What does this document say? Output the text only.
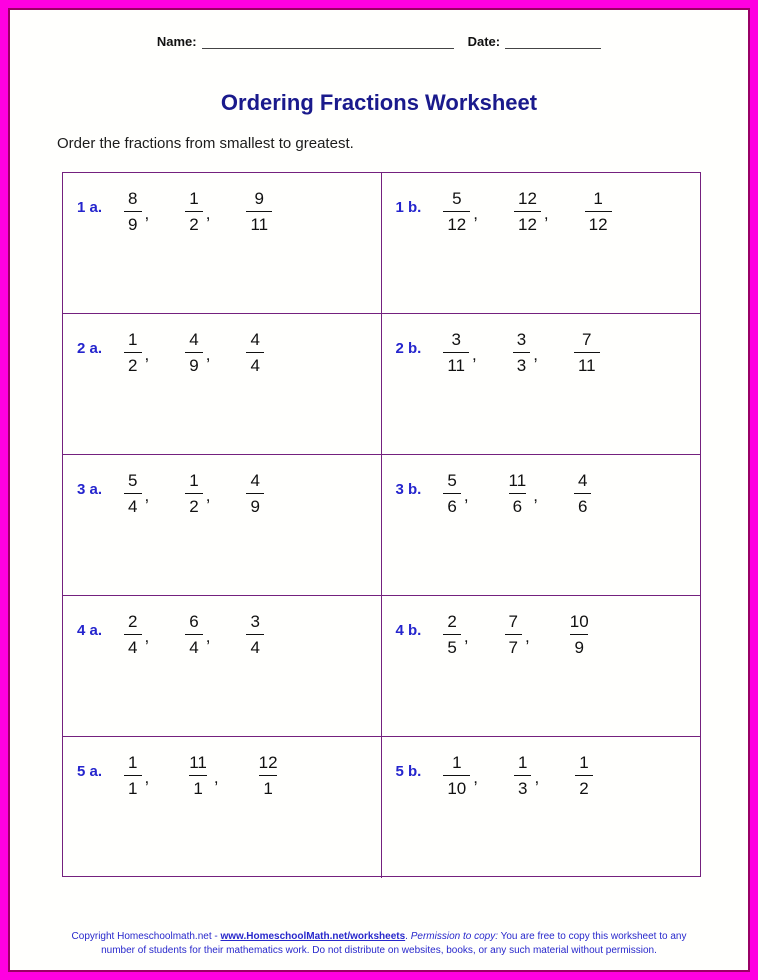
Name:	Date:
Ordering Fractions Worksheet

Order the fractions from smallest to greatest.

1 a. $\frac{8}{9}$ , $\frac{1}{2}$ , $\frac{9}{11}$	1 b. $\frac{5}{12}$ , $\frac{12}{12}$ , $\frac{1}{12}$
2 a. $\frac{1}{2}$ , $\frac{4}{9}$ , $\frac{4}{4}$	2 b. $\frac{3}{11}$ , $\frac{3}{3}$ , $\frac{7}{11}$
3 a. $\frac{5}{4}$ , $\frac{1}{2}$ , $\frac{4}{9}$	3 b. $\frac{5}{6}$ , $\frac{11}{6}$ , $\frac{4}{6}$
4 a. $\frac{2}{4}$ , $\frac{6}{4}$ , $\frac{3}{4}$	4 b. $\frac{2}{5}$ , $\frac{7}{7}$ , $\frac{10}{9}$
5 a. $\frac{1}{1}$ , $\frac{11}{1}$ , $\frac{12}{1}$	5 b. $\frac{1}{10}$ , $\frac{1}{3}$ , $\frac{1}{2}$
Copyright Homeschoolmath.net - www.HomeschoolMath.net/worksheets. Permission to copy: You are free to copy this worksheet to any
number of students for their mathematics work. Do not distribute on websites, books, or any such material without permission.
